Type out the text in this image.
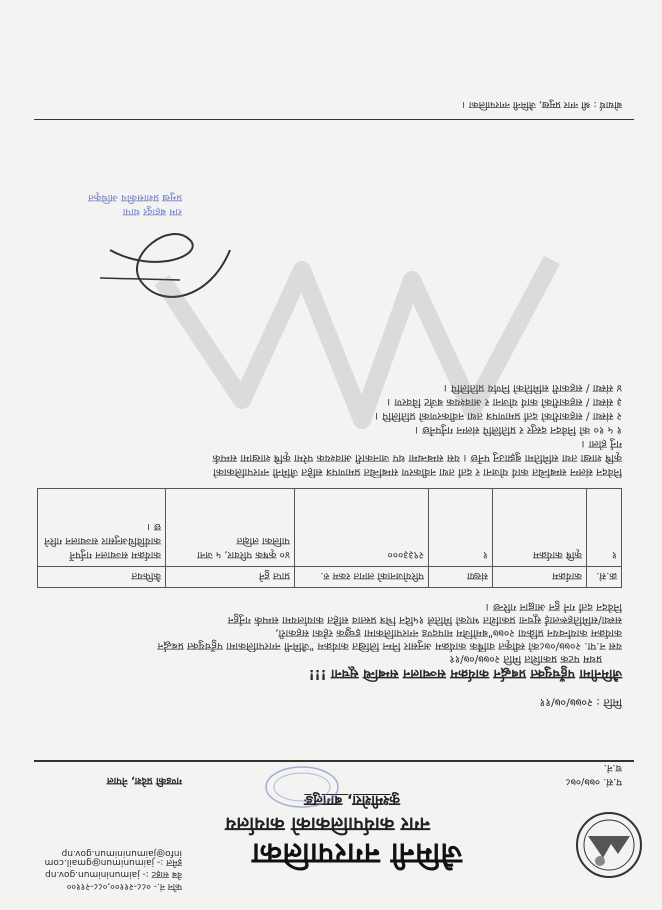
फोन नं.- ०८८-२११००,०८८-२११००
वेब साइट :- jaimuninimun.gov.np
इमेल :- jaimunimun@gmail.com
info@jaimuninimun.gov.np जैमिनी नगरपालिका
नगर कार्यपालिकाको कार्यालय
कुश्मीशेरा, बागलुङ
गण्डकी प्रदेश, नेपाल	प.सं. ०७७/०७८
च.नं.
मिति : २०७७/०७/११
जैमिनीमा पहुँचयुक्त प्रबर्द्धन कार्यक्रम सञ्चालन सम्बन्धि सूचना !!!
प्रथम पटक प्रकाशित मिति २०७७/०७/११
यस न.पा. २०७७/०७८को स्वीकृत वार्षिक कार्यक्रम अनुसार निम्न लिखित कार्यक्रम "जैमिनी नगरपालिकामा पहुँचयुक्त प्रबर्द्धन
कार्यक्रम कार्यान्वयन प्रक्रिया २०७७"बमोजिम मापदण्ड नगरपालिकामा इच्छुक रहेका सहकारी,
सस्था/समितिहरूलाई सूचना प्रकाशित भएको मितिले १५दिन भित्र प्रस्ताव सहित कार्यालयमा सम्पर्क गर्नुहुन
निवेदन दर्ता गर्न हुन आह्वान गरिन्छ ।
क्र.सं.	कार्यक्रम	संख्या	परियोजनाको लागत रकम रु.	प्राप्त हुने	कैफियत
१	कृषि कार्यक्रम	१	२९३३०००	४० कृषक परिवार, ५ जना पालिका लक्षित	कार्यक्रम सञ्चालन गर्नुपर्ने कार्यविधिअनुसार सञ्चालन गरिने छ ।
निवेदन संलग्न सम्बन्धित कार्य योजना र दर्ता तथा नवीकरण सम्बन्धित प्रमाणपत्र सहित जैमिनी नगरपालिकाको
कृषि शाखा तथा समितिमा बुझाउनु पर्नेछ । यस सम्बन्धमा थप जानकारी आवश्यक परेमा कृषि शाखामा सम्पर्क
गर्नु होला ।
१ ५ १० को निवेदन दस्तुर र प्रतिलिपि संलग्न गर्नुपर्नेछ ।
२ संस्था / सहकारीको दर्ता प्रमाणपत्र तथा नवीकरणको प्रतिलिपि ।
३ संस्था / सहकारीको कार्य योजना र आवश्यक बजेट विवरण ।
४ संस्था / सहकारी समितिको निर्णय प्रतिलिपि ।
राम बहादुर थापा
प्रमुख प्रशासकीय अधिकृत
बोधार्थ : श्री नगर प्रमुख, जैमिनी नगरपालिका ।
